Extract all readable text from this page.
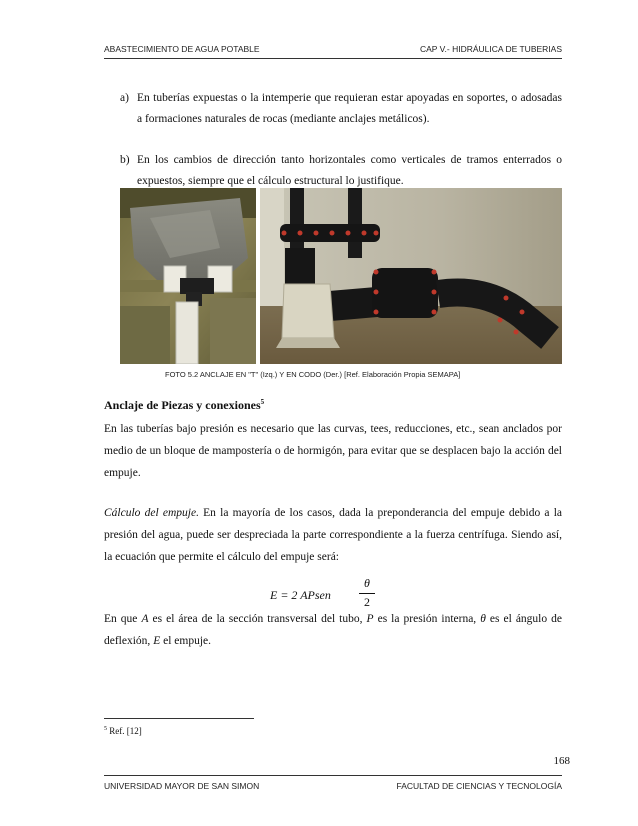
ABASTECIMIENTO DE AGUA POTABLE	CAP V.- HIDRÁULICA DE TUBERIAS
a) En tuberías expuestas o la intemperie que requieran estar apoyadas en soportes, o adosadas a formaciones naturales de rocas (mediante anclajes metálicos).
b) En los cambios de dirección tanto horizontales como verticales de tramos enterrados o expuestos, siempre que el cálculo estructural lo justifique.
FOTO 5.2 ANCLAJE EN "T" (Izq.) Y EN CODO (Der.) [Ref. Elaboración Propia SEMAPA]
Anclaje de Piezas y conexiones$^5$
En las tuberías bajo presión es necesario que las curvas, tees, reducciones, etc., sean anclados por medio de un bloque de mampostería o de hormigón, para evitar que se desplacen bajo la acción del empuje.
Cálculo del empuje. En la mayoría de los casos, dada la preponderancia del empuje debido a la presión del agua, puede ser despreciada la parte correspondiente a la fuerza centrífuga. Siendo así, la ecuación que permite el cálculo del empuje será:
E = 2 APsen
θ
2
En que A es el área de la sección transversal del tubo, P es la presión interna, θ es el ángulo de deflexión, E el empuje.
$^5$ Ref. [12]
168
UNIVERSIDAD MAYOR DE SAN SIMON	FACULTAD DE CIENCIAS Y TECNOLOGÍA
